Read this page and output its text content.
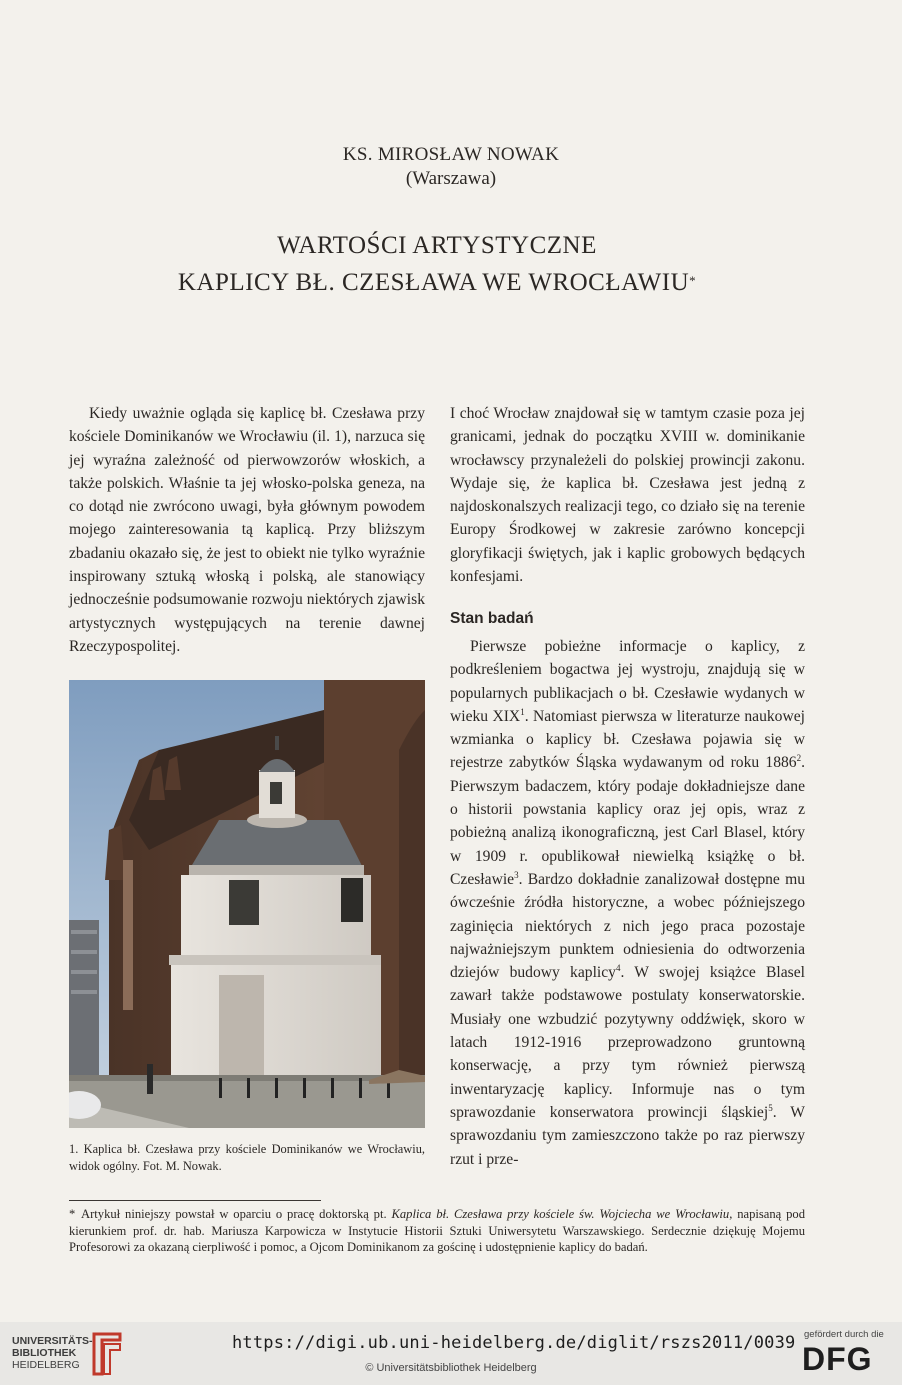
KS. MIROSŁAW NOWAK
(Warszawa)
WARTOŚCI ARTYSTYCZNE
KAPLICY BŁ. CZESŁAWA WE WROCŁAWIU*

Kiedy uważnie ogląda się kaplicę bł. Czesława przy kościele Dominikanów we Wrocławiu (il. 1), narzuca się jej wyraźna zależność od pierwowzorów włoskich, a także polskich. Właśnie ta jej włosko-polska geneza, na co dotąd nie zwrócono uwagi, była głównym powodem mojego zainteresowania tą kaplicą. Przy bliższym zbadaniu okazało się, że jest to obiekt nie tylko wyraźnie inspirowany sztuką włoską i polską, ale stanowiący jednocześnie podsumowanie rozwoju niektórych zjawisk artystycznych występujących na terenie dawnej Rzeczypospolitej.

I choć Wrocław znajdował się w tamtym czasie poza jej granicami, jednak do początku XVIII w. dominikanie wrocławscy przynależeli do polskiej prowincji zakonu. Wydaje się, że kaplica bł. Czesława jest jedną z najdoskonalszych realizacji tego, co działo się na terenie Europy Środkowej w zakresie zarówno koncepcji gloryfikacji świętych, jak i kaplic grobowych będących konfesjami.

Stan badań

Pierwsze pobieżne informacje o kaplicy, z podkreśleniem bogactwa jej wystroju, znajdują się w popularnych publikacjach o bł. Czesławie wydanych w wieku XIX$^1$. Natomiast pierwsza w literaturze naukowej wzmianka o kaplicy bł. Czesława pojawia się w rejestrze zabytków Śląska wydawanym od roku 1886$^2$. Pierwszym badaczem, który podaje dokładniejsze dane o historii powstania kaplicy oraz jej opis, wraz z pobieżną analizą ikonograficzną, jest Carl Blasel, który w 1909 r. opublikował niewielką książkę o bł. Czesławie$^3$. Bardzo dokładnie zanalizował dostępne mu ówcześnie źródła historyczne, a wobec późniejszego zaginięcia niektórych z nich jego praca pozostaje najważniejszym punktem odniesienia do odtworzenia dziejów budowy kaplicy$^4$. W swojej książce Blasel zawarł także podstawowe postulaty konserwatorskie. Musiały one wzbudzić pozytywny oddźwięk, skoro w latach 1912-1916 przeprowadzono gruntowną konserwację, a przy tym również pierwszą inwentaryzację kaplicy. Informuje nas o tym sprawozdanie konserwatora prowincji śląskiej$^5$. W sprawozdaniu tym zamieszczono także po raz pierwszy rzut i prze-

1. Kaplica bł. Czesława przy kościele Dominikanów we Wrocławiu, widok ogólny. Fot. M. Nowak.
* Artykuł niniejszy powstał w oparciu o pracę doktorską pt. Kaplica bł. Czesława przy kościele św. Wojciecha we Wrocławiu, napisaną pod kierunkiem prof. dr. hab. Mariusza Karpowicza w Instytucie Historii Sztuki Uniwersytetu Warszawskiego. Serdecznie dziękuję Mojemu Profesorowi za okazaną cierpliwość i pomoc, a Ojcom Dominikanom za gościnę i udostępnienie kaplicy do badań.
UNIVERSITÄTS-
BIBLIOTHEK
HEIDELBERG
https://digi.ub.uni-heidelberg.de/diglit/rszs2011/0039
© Universitätsbibliothek Heidelberg
gefördert durch die
DFG
